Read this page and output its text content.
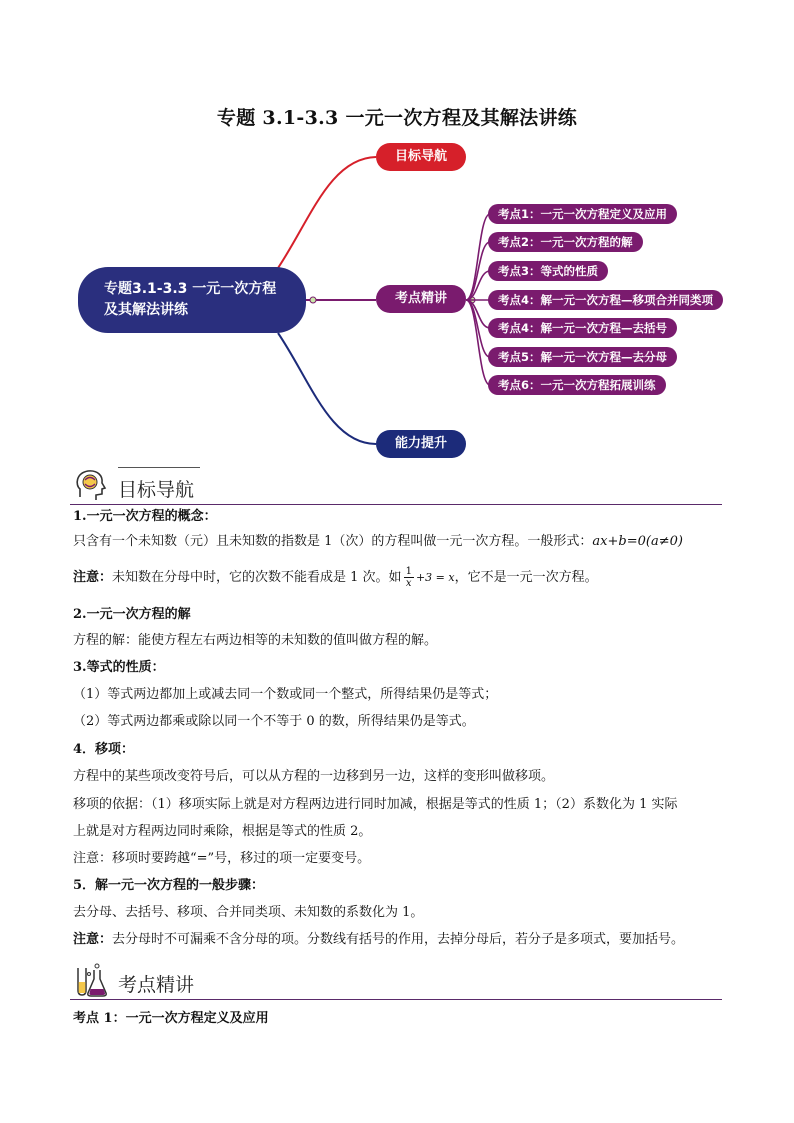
专题 3.1-3.3 一元一次方程及其解法讲练
专题3.1-3.3 一元一次方程及其解法讲练
目标导航
考点精讲
能力提升
考点1：一元一次方程定义及应用
考点2：一元一次方程的解
考点3：等式的性质
考点4：解一元一次方程—移项合并同类项
考点4：解一元一次方程—去括号
考点5：解一元一次方程—去分母
考点6：一元一次方程拓展训练
目标导航
1.一元一次方程的概念：
只含有一个未知数（元）且未知数的指数是 1（次）的方程叫做一元一次方程。一般形式：ax+b=0(a≠0)
注意：未知数在分母中时，它的次数不能看成是 1 次。如 $\frac{1}{x} +3 = x$，它不是一元一次方程。
2.一元一次方程的解
方程的解：能使方程左右两边相等的未知数的值叫做方程的解。
3.等式的性质：
（1）等式两边都加上或减去同一个数或同一个整式，所得结果仍是等式；
（2）等式两边都乘或除以同一个不等于 0 的数，所得结果仍是等式。
4．移项：
方程中的某些项改变符号后，可以从方程的一边移到另一边，这样的变形叫做移项。
移项的依据：（1）移项实际上就是对方程两边进行同时加减，根据是等式的性质 1；（2）系数化为 1 实际
上就是对方程两边同时乘除，根据是等式的性质 2。
注意：移项时要跨越“=”号，移过的项一定要变号。
5．解一元一次方程的一般步骤：
去分母、去括号、移项、合并同类项、未知数的系数化为 1。
注意：去分母时不可漏乘不含分母的项。分数线有括号的作用，去掉分母后，若分子是多项式，要加括号。
考点精讲
考点 1：一元一次方程定义及应用
